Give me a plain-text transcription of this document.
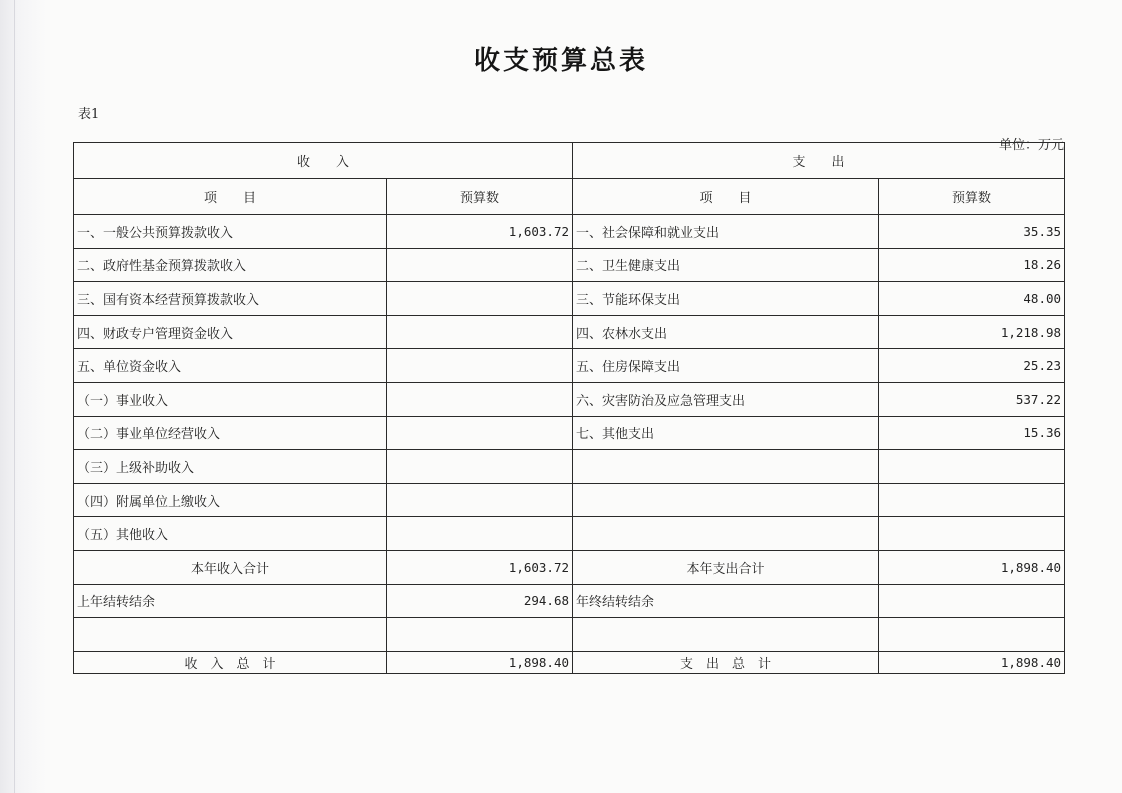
收支预算总表
表1
单位：万元
收　　入		支　　出	
项　　目	预算数	项　　目	预算数
一、一般公共预算拨款收入	1,603.72	一、社会保障和就业支出	35.35
二、政府性基金预算拨款收入		二、卫生健康支出	18.26
三、国有资本经营预算拨款收入		三、节能环保支出	48.00
四、财政专户管理资金收入		四、农林水支出	1,218.98
五、单位资金收入		五、住房保障支出	25.23
（一）事业收入		六、灾害防治及应急管理支出	537.22
（二）事业单位经营收入		七、其他支出	15.36
（三）上级补助收入			
（四）附属单位上缴收入			
（五）其他收入			
本年收入合计	1,603.72	本年支出合计	1,898.40
上年结转结余	294.68	年终结转结余	

收　入　总　计	1,898.40	支　出　总　计	1,898.40
